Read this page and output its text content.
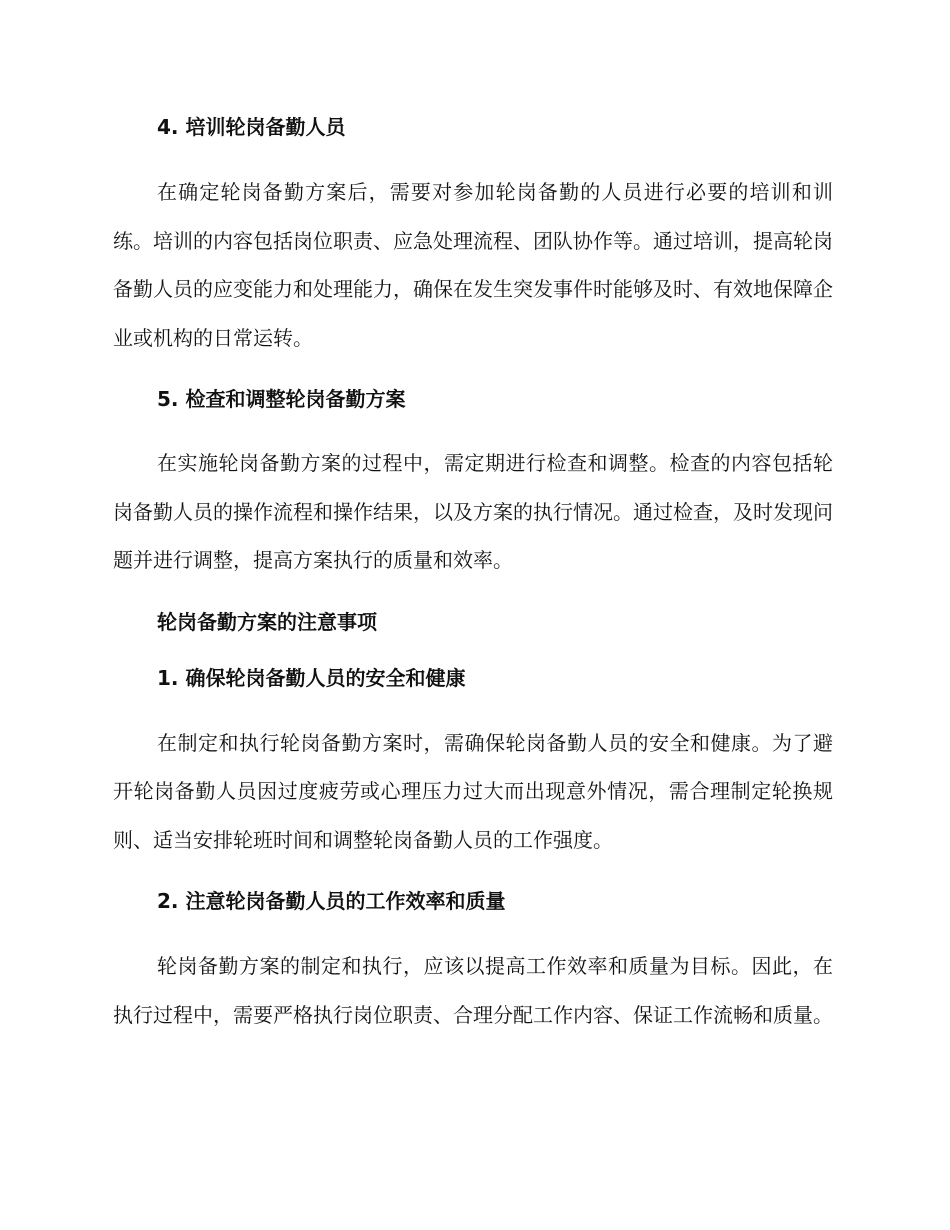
4. 培训轮岗备勤人员

在确定轮岗备勤方案后，需要对参加轮岗备勤的人员进行必要的培训和训练。培训的内容包括岗位职责、应急处理流程、团队协作等。通过培训，提高轮岗备勤人员的应变能力和处理能力，确保在发生突发事件时能够及时、有效地保障企业或机构的日常运转。

5. 检查和调整轮岗备勤方案

在实施轮岗备勤方案的过程中，需定期进行检查和调整。检查的内容包括轮岗备勤人员的操作流程和操作结果，以及方案的执行情况。通过检查，及时发现问题并进行调整，提高方案执行的质量和效率。

轮岗备勤方案的注意事项
1. 确保轮岗备勤人员的安全和健康

在制定和执行轮岗备勤方案时，需确保轮岗备勤人员的安全和健康。为了避开轮岗备勤人员因过度疲劳或心理压力过大而出现意外情况，需合理制定轮换规则、适当安排轮班时间和调整轮岗备勤人员的工作强度。

2. 注意轮岗备勤人员的工作效率和质量

轮岗备勤方案的制定和执行，应该以提高工作效率和质量为目标。因此，在执行过程中，需要严格执行岗位职责、合理分配工作内容、保证工作流畅和质量。
